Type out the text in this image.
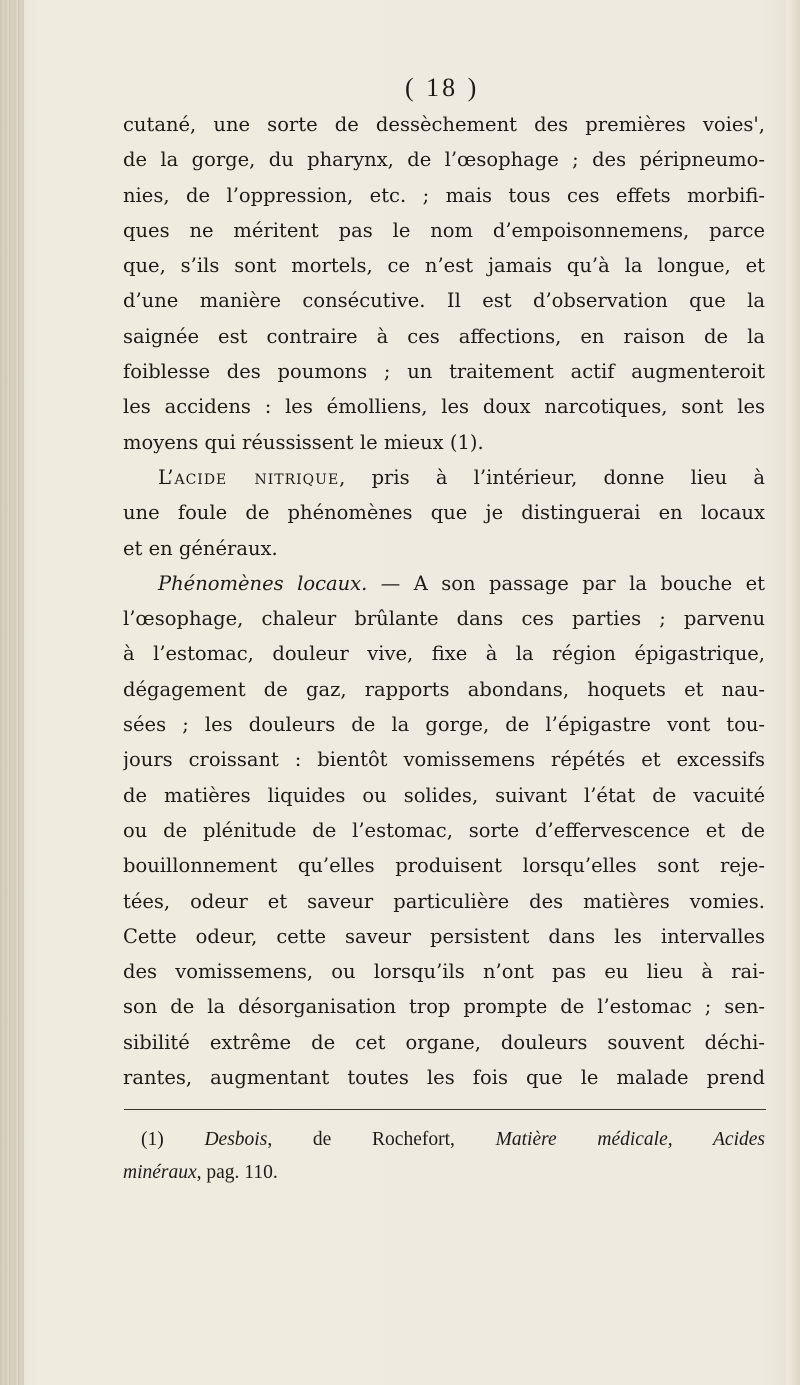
( 18 )
cutané, une sorte de dessèchement des premières voies',
de la gorge, du pharynx, de l’œsophage ; des péripneumo-
nies, de l’oppression, etc. ; mais tous ces effets morbifi-
ques ne méritent pas le nom d’empoisonnemens, parce
que, s’ils sont mortels, ce n’est jamais qu’à la longue, et
d’une manière consécutive. Il est d’observation que la
saignée est contraire à ces affections, en raison de la
foiblesse des poumons ; un traitement actif augmenteroit
les accidens : les émolliens, les doux narcotiques, sont les
moyens qui réussissent le mieux (1).
L’acide nitrique, pris à l’intérieur, donne lieu à
une foule de phénomènes que je distinguerai en locaux
et en généraux.
Phénomènes locaux. — A son passage par la bouche et
l’œsophage, chaleur brûlante dans ces parties ; parvenu
à l’estomac, douleur vive, fixe à la région épigastrique,
dégagement de gaz, rapports abondans, hoquets et nau-
sées ; les douleurs de la gorge, de l’épigastre vont tou-
jours croissant : bientôt vomissemens répétés et excessifs
de matières liquides ou solides, suivant l’état de vacuité
ou de plénitude de l’estomac, sorte d’effervescence et de
bouillonnement qu’elles produisent lorsqu’elles sont reje-
tées, odeur et saveur particulière des matières vomies.
Cette odeur, cette saveur persistent dans les intervalles
des vomissemens, ou lorsqu’ils n’ont pas eu lieu à rai-
son de la désorganisation trop prompte de l’estomac ; sen-
sibilité extrême de cet organe, douleurs souvent déchi-
rantes, augmentant toutes les fois que le malade prend
(1) Desbois, de Rochefort, Matière médicale, Acides
minéraux, pag. 110.
